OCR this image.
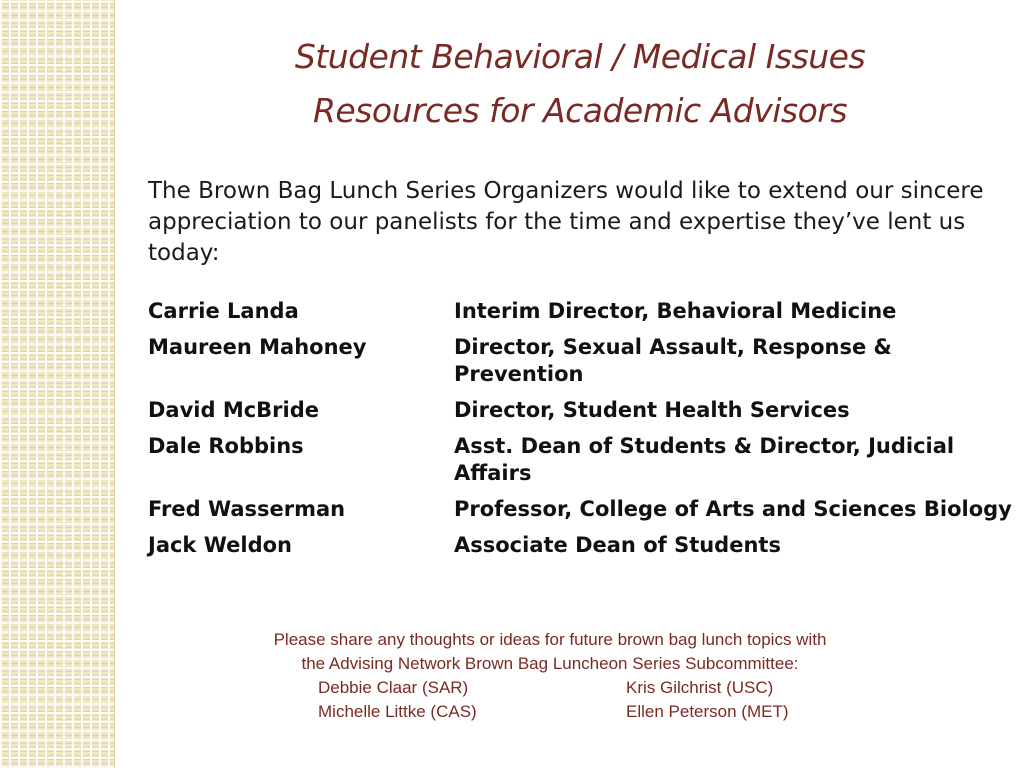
Student Behavioral / Medical Issues
Resources for Academic Advisors
The Brown Bag Lunch Series Organizers would like to extend our sincere appreciation to our panelists for the time and expertise they’ve lent us today:
Carrie Landa	Interim Director, Behavioral Medicine
Maureen Mahoney	Director, Sexual Assault, Response & Prevention
David McBride	Director, Student Health Services
Dale Robbins	Asst. Dean of Students & Director, Judicial Affairs
Fred Wasserman	Professor, College of Arts and Sciences Biology
Jack Weldon	Associate Dean of Students
Please share any thoughts or ideas for future brown bag lunch topics with
the Advising Network Brown Bag Luncheon Series Subcommittee:
Debbie Claar (SAR)	Kris Gilchrist (USC)
Michelle Littke (CAS)	Ellen Peterson (MET)
